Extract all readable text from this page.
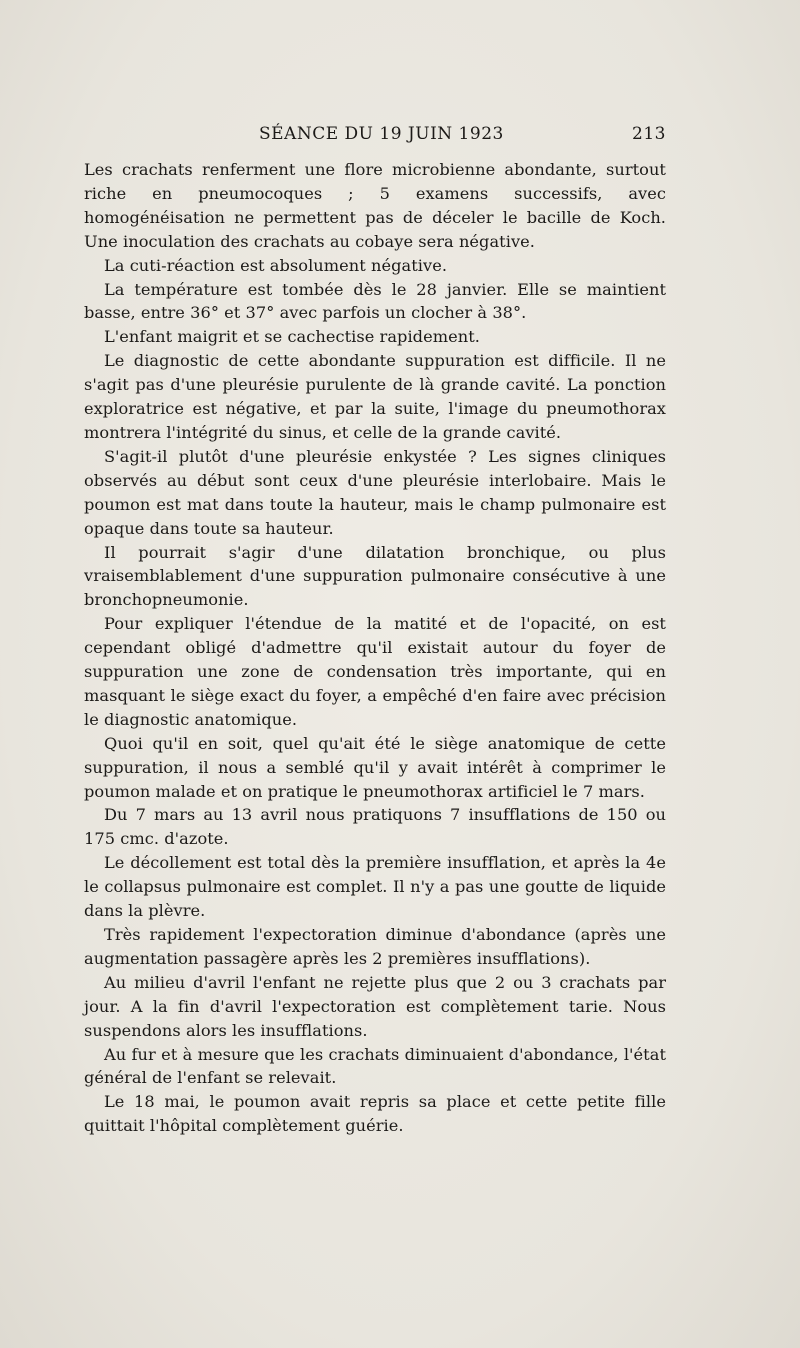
SÉANCE DU 19 JUIN 1923	213

Les crachats renferment une flore microbienne abondante, surtout riche en pneumocoques ; 5 examens successifs, avec homogénéisation ne permettent pas de déceler le bacille de Koch. Une inoculation des crachats au cobaye sera négative.

La cuti-réaction est absolument négative.

La température est tombée dès le 28 janvier. Elle se maintient basse, entre 36° et 37° avec parfois un clocher à 38°.

L'enfant maigrit et se cachectise rapidement.

Le diagnostic de cette abondante suppuration est difficile. Il ne s'agit pas d'une pleurésie purulente de là grande cavité. La ponction exploratrice est négative, et par la suite, l'image du pneumothorax montrera l'intégrité du sinus, et celle de la grande cavité.

S'agit-il plutôt d'une pleurésie enkystée ? Les signes cliniques observés au début sont ceux d'une pleurésie interlobaire. Mais le poumon est mat dans toute la hauteur, mais le champ pulmonaire est opaque dans toute sa hauteur.

Il pourrait s'agir d'une dilatation bronchique, ou plus vraisemblablement d'une suppuration pulmonaire consécutive à une bronchopneumonie.

Pour expliquer l'étendue de la matité et de l'opacité, on est cependant obligé d'admettre qu'il existait autour du foyer de suppuration une zone de condensation très importante, qui en masquant le siège exact du foyer, a empêché d'en faire avec précision le diagnostic anatomique.

Quoi qu'il en soit, quel qu'ait été le siège anatomique de cette suppuration, il nous a semblé qu'il y avait intérêt à comprimer le poumon malade et on pratique le pneumothorax artificiel le 7 mars.

Du 7 mars au 13 avril nous pratiquons 7 insufflations de 150 ou 175 cmc. d'azote.

Le décollement est total dès la première insufflation, et après la 4e le collapsus pulmonaire est complet. Il n'y a pas une goutte de liquide dans la plèvre.

Très rapidement l'expectoration diminue d'abondance (après une augmentation passagère après les 2 premières insufflations).

Au milieu d'avril l'enfant ne rejette plus que 2 ou 3 crachats par jour. A la fin d'avril l'expectoration est complètement tarie. Nous suspendons alors les insufflations.

Au fur et à mesure que les crachats diminuaient d'abondance, l'état général de l'enfant se relevait.

Le 18 mai, le poumon avait repris sa place et cette petite fille quittait l'hôpital complètement guérie.
